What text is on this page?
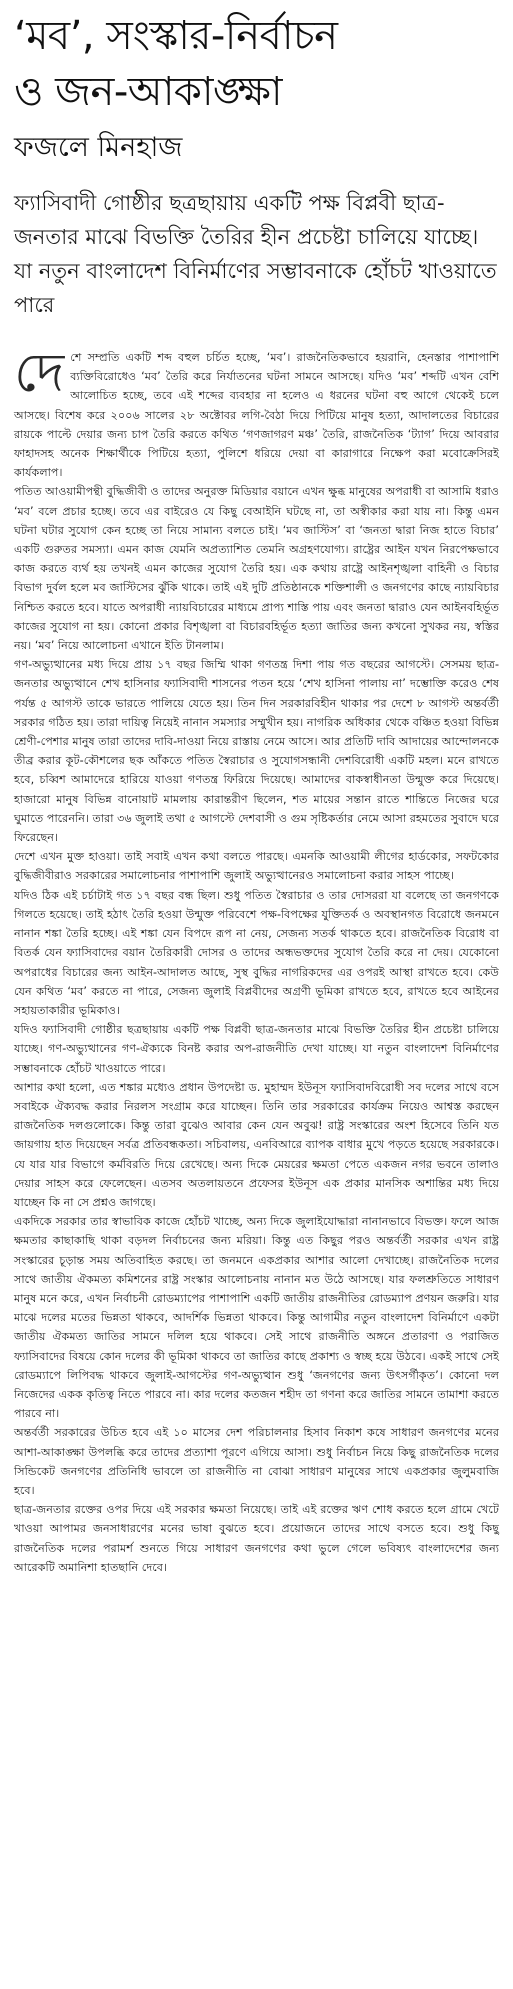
‘মব’, সংস্কার-নির্বাচন
ও জন-আকাঙ্ক্ষা
ফজলে মিনহাজ
ফ্যাসিবাদী গোষ্ঠীর ছত্রছায়ায় একটি পক্ষ বিপ্লবী ছাত্র-জনতার মাঝে বিভক্তি তৈরির হীন প্রচেষ্টা চালিয়ে যাচ্ছে। যা নতুন বাংলাদেশ বিনির্মাণের সম্ভাবনাকে হোঁচট খাওয়াতে পারে
দে শে সম্প্রতি একটি শব্দ বহুল চর্চিত হচ্ছে, ‘মব’। রাজনৈতিকভাবে হয়রানি, হেনস্তার পাশাপাশি ব্যক্তিবিরোধেও ‘মব’ তৈরি করে নির্যাতনের ঘটনা সামনে আসছে। যদিও ‘মব’ শব্দটি এখন বেশি আলোচিত হচ্ছে, তবে এই শব্দের ব্যবহার না হলেও এ ধরনের ঘটনা বহু আগে থেকেই চলে আসছে। বিশেষ করে ২০০৬ সালের ২৮ অক্টোবর লগি-বৈঠা দিয়ে পিটিয়ে মানুষ হত্যা, আদালতের বিচারের রায়কে পাল্টে দেয়ার জন্য চাপ তৈরি করতে কথিত ‘গণজাগরণ মঞ্চ’ তৈরি, রাজনৈতিক ‘ট্যাগ’ দিয়ে আবরার ফাহাদসহ অনেক শিক্ষার্থীকে পিটিয়ে হত্যা, পুলিশে ধরিয়ে দেয়া বা কারাগারে নিক্ষেপ করা মবোক্রেসিরই কার্যকলাপ।

পতিত আওয়ামীপন্থী বুদ্ধিজীবী ও তাদের অনুরক্ত মিডিয়ার বয়ানে এখন ক্ষুব্ধ মানুষের অপরাধী বা আসামি ধরাও ‘মব’ বলে প্রচার হচ্ছে। তবে এর বাইরেও যে কিছু বেআইনি ঘটছে না, তা অস্বীকার করা যায় না। কিন্তু এমন ঘটনা ঘটার সুযোগ কেন হচ্ছে তা নিয়ে সামান্য বলতে চাই। ‘মব জাস্টিস’ বা ‘জনতা দ্বারা নিজ হাতে বিচার’ একটি গুরুতর সমস্যা। এমন কাজ যেমনি অপ্রত্যাশিত তেমনি অগ্রহণযোগ্য। রাষ্ট্রের আইন যখন নিরপেক্ষভাবে কাজ করতে ব্যর্থ হয় তখনই এমন কাজের সুযোগ তৈরি হয়। এক কথায় রাষ্ট্রে আইনশৃঙ্খলা বাহিনী ও বিচার বিভাগ দুর্বল হলে মব জাস্টিসের ঝুঁকি থাকে। তাই এই দুটি প্রতিষ্ঠানকে শক্তিশালী ও জনগণের কাছে ন্যায়বিচার নিশ্চিত করতে হবে। যাতে অপরাধী ন্যায়বিচারের মাধ্যমে প্রাপ্য শাস্তি পায় এবং জনতা দ্বারাও যেন আইনবহির্ভূত কাজের সুযোগ না হয়। কোনো প্রকার বিশৃঙ্খলা বা বিচারবহির্ভূত হত্যা জাতির জন্য কখনো সুখকর নয়, স্বস্তির নয়। ‘মব’ নিয়ে আলোচনা এখানে ইতি টানলাম।

গণ-অভ্যুত্থানের মধ্য দিয়ে প্রায় ১৭ বছর জিম্মি থাকা গণতন্ত্র দিশা পায় গত বছরের আগস্টে। সেসময় ছাত্র-জনতার অভ্যুত্থানে শেখ হাসিনার ফ্যাসিবাদী শাসনের পতন হয়ে ‘শেখ হাসিনা পালায় না’ দম্ভোক্তি করেও শেষ পর্যন্ত ৫ আগস্ট তাকে ভারতে পালিয়ে যেতে হয়। তিন দিন সরকারবিহীন থাকার পর দেশে ৮ আগস্ট অন্তর্বর্তী সরকার গঠিত হয়। তারা দায়িত্ব নিয়েই নানান সমস্যার সম্মুখীন হয়। নাগরিক অধিকার থেকে বঞ্চিত হওয়া বিভিন্ন শ্রেণী-পেশার মানুষ তারা তাদের দাবি-দাওয়া নিয়ে রাস্তায় নেমে আসে। আর প্রতিটি দাবি আদায়ের আন্দোলনকে তীব্র করার কূট-কৌশলের ছক আঁকতে পতিত স্বৈরাচার ও সুযোগসন্ধানী দেশবিরোধী একটি মহল। মনে রাখতে হবে, চব্বিশ আমাদেরে হারিয়ে যাওয়া গণতন্ত্র ফিরিয়ে দিয়েছে। আমাদের বাকস্বাধীনতা উন্মুক্ত করে দিয়েছে। হাজারো মানুষ বিভিন্ন বানোয়াট মামলায় কারান্তরীণ ছিলেন, শত মায়ের সন্তান রাতে শান্তিতে নিজের ঘরে ঘুমাতে পারেননি। তারা ৩৬ জুলাই তথা ৫ আগস্টে দেশবাসী ও গুম সৃষ্টিকর্তার নেমে আসা রহমতের সুবাদে ঘরে ফিরেছেন।

দেশে এখন মুক্ত হাওয়া। তাই সবাই এখন কথা বলতে পারছে। এমনকি আওয়ামী লীগের হার্ডকোর, সফটকোর বুদ্ধিজীবীরাও সরকারের সমালোচনার পাশাপাশি জুলাই অভ্যুত্থানেরও সমালোচনা করার সাহস পাচ্ছে।

যদিও ঠিক এই চর্চাটাই গত ১৭ বছর বন্ধ ছিল। শুধু পতিত স্বৈরাচার ও তার দোসররা যা বলেছে তা জনগণকে গিলতে হয়েছে। তাই হঠাৎ তৈরি হওয়া উন্মুক্ত পরিবেশে পক্ষ-বিপক্ষের যুক্তিতর্ক ও অবস্থানগত বিরোধে জনমনে নানান শঙ্কা তৈরি হচ্ছে। এই শঙ্কা যেন বিপদে রূপ না নেয়, সেজন্য সতর্ক থাকতে হবে। রাজনৈতিক বিরোধ বা বিতর্ক যেন ফ্যাসিবাদের বয়ান তৈরিকারী দোসর ও তাদের অন্ধভক্তদের সুযোগ তৈরি করে না দেয়। যেকোনো অপরাধের বিচারের জন্য আইন-আদালত আছে, সুস্থ বুদ্ধির নাগরিকদের এর ওপরই আস্থা রাখতে হবে। কেউ যেন কথিত ‘মব’ করতে না পারে, সেজন্য জুলাই বিপ্লবীদের অগ্রণী ভূমিকা রাখতে হবে, রাখতে হবে আইনের সহায়তাকারীর ভূমিকাও।

যদিও ফ্যাসিবাদী গোষ্ঠীর ছত্রছায়ায় একটি পক্ষ বিপ্লবী ছাত্র-জনতার মাঝে বিভক্তি তৈরির হীন প্রচেষ্টা চালিয়ে যাচ্ছে। গণ-অভ্যুত্থানের গণ-ঐক্যকে বিনষ্ট করার অপ-রাজনীতি দেখা যাচ্ছে। যা নতুন বাংলাদেশ বিনির্মাণের সম্ভাবনাকে হোঁচট খাওয়াতে পারে।

আশার কথা হলো, এত শঙ্কার মধ্যেও প্রধান উপদেষ্টা ড. মুহাম্মদ ইউনূস ফ্যাসিবাদবিরোধী সব দলের সাথে বসে সবাইকে ঐক্যবদ্ধ করার নিরলস সংগ্রাম করে যাচ্ছেন। তিনি তার সরকারের কার্যক্রম নিয়েও আশ্বস্ত করছেন রাজনৈতিক দলগুলোকে। কিন্তু তারা বুঝেও আবার কেন যেন অবুঝ! রাষ্ট্র সংস্কারের অংশ হিসেবে তিনি যত জায়গায় হাত দিয়েছেন সর্বত্র প্রতিবন্ধকতা। সচিবালয়, এনবিআরে ব্যাপক বাধার মুখে পড়তে হয়েছে সরকারকে। যে যার যার বিভাগে কর্মবিরতি দিয়ে রেখেছে। অন্য দিকে মেয়রের ক্ষমতা পেতে একজন নগর ভবনে তালাও দেয়ার সাহস করে ফেলেছেন। এতসব অতলায়তনে প্রফেসর ইউনূস এক প্রকার মানসিক অশান্তির মধ্য দিয়ে যাচ্ছেন কি না সে প্রশ্নও জাগছে।

একদিকে সরকার তার স্বাভাবিক কাজে হোঁচট খাচ্ছে, অন্য দিকে জুলাইযোদ্ধারা নানানভাবে বিভক্ত। ফলে আজ ক্ষমতার কাছাকাছি থাকা বড়দল নির্বাচনের জন্য মরিয়া। কিন্তু এত কিছুর পরও অন্তর্বর্তী সরকার এখন রাষ্ট্র সংস্কারের চূড়ান্ত সময় অতিবাহিত করছে। তা জনমনে একপ্রকার আশার আলো দেখাচ্ছে। রাজনৈতিক দলের সাথে জাতীয় ঐকমত্য কমিশনের রাষ্ট্র সংস্কার আলোচনায় নানান মত উঠে আসছে। যার ফলশ্রুতিতে সাধারণ মানুষ মনে করে, এখন নির্বাচনী রোডম্যাপের পাশাপাশি একটি জাতীয় রাজনীতির রোডম্যাপ প্রণয়ন জরুরি। যার মাঝে দলের মতের ভিন্নতা থাকবে, আদর্শিক ভিন্নতা থাকবে। কিন্তু আগামীর নতুন বাংলাদেশ বিনির্মাণে একটা জাতীয় ঐকমত্য জাতির সামনে দলিল হয়ে থাকবে। সেই সাথে রাজনীতি অঙ্গনে প্রতারণা ও পরাজিত ফ্যাসিবাদের বিষয়ে কোন দলের কী ভূমিকা থাকবে তা জাতির কাছে প্রকাশ্য ও স্বচ্ছ হয়ে উঠবে। একই সাথে সেই রোডম্যাপে লিপিবদ্ধ থাকবে জুলাই-আগস্টের গণ-অভ্যুত্থান শুধু ‘জনগণের জন্য উৎসর্গীকৃত’। কোনো দল নিজেদের একক কৃতিত্ব নিতে পারবে না। কার দলের কতজন শহীদ তা গণনা করে জাতির সামনে তামাশা করতে পারবে না।

অন্তর্বর্তী সরকারের উচিত হবে এই ১০ মাসের দেশ পরিচালনার হিসাব নিকাশ কষে সাধারণ জনগণের মনের আশা-আকাঙ্ক্ষা উপলব্ধি করে তাদের প্রত্যাশা পূরণে এগিয়ে আসা। শুধু নির্বাচন নিয়ে কিছু রাজনৈতিক দলের সিন্ডিকেট জনগণের প্রতিনিধি ভাবলে তা রাজনীতি না বোঝা সাধারণ মানুষের সাথে একপ্রকার জুলুমবাজি হবে।

ছাত্র-জনতার রক্তের ওপর দিয়ে এই সরকার ক্ষমতা নিয়েছে। তাই এই রক্তের ঋণ শোধ করতে হলে গ্রামে খেটে খাওয়া আপামর জনসাধারণের মনের ভাষা বুঝতে হবে। প্রয়োজনে তাদের সাথে বসতে হবে। শুধু কিছু রাজনৈতিক দলের পরামর্শ শুনতে গিয়ে সাধারণ জনগণের কথা ভুলে গেলে ভবিষ্যৎ বাংলাদেশের জন্য আরেকটি অমানিশা হাতছানি দেবে।
